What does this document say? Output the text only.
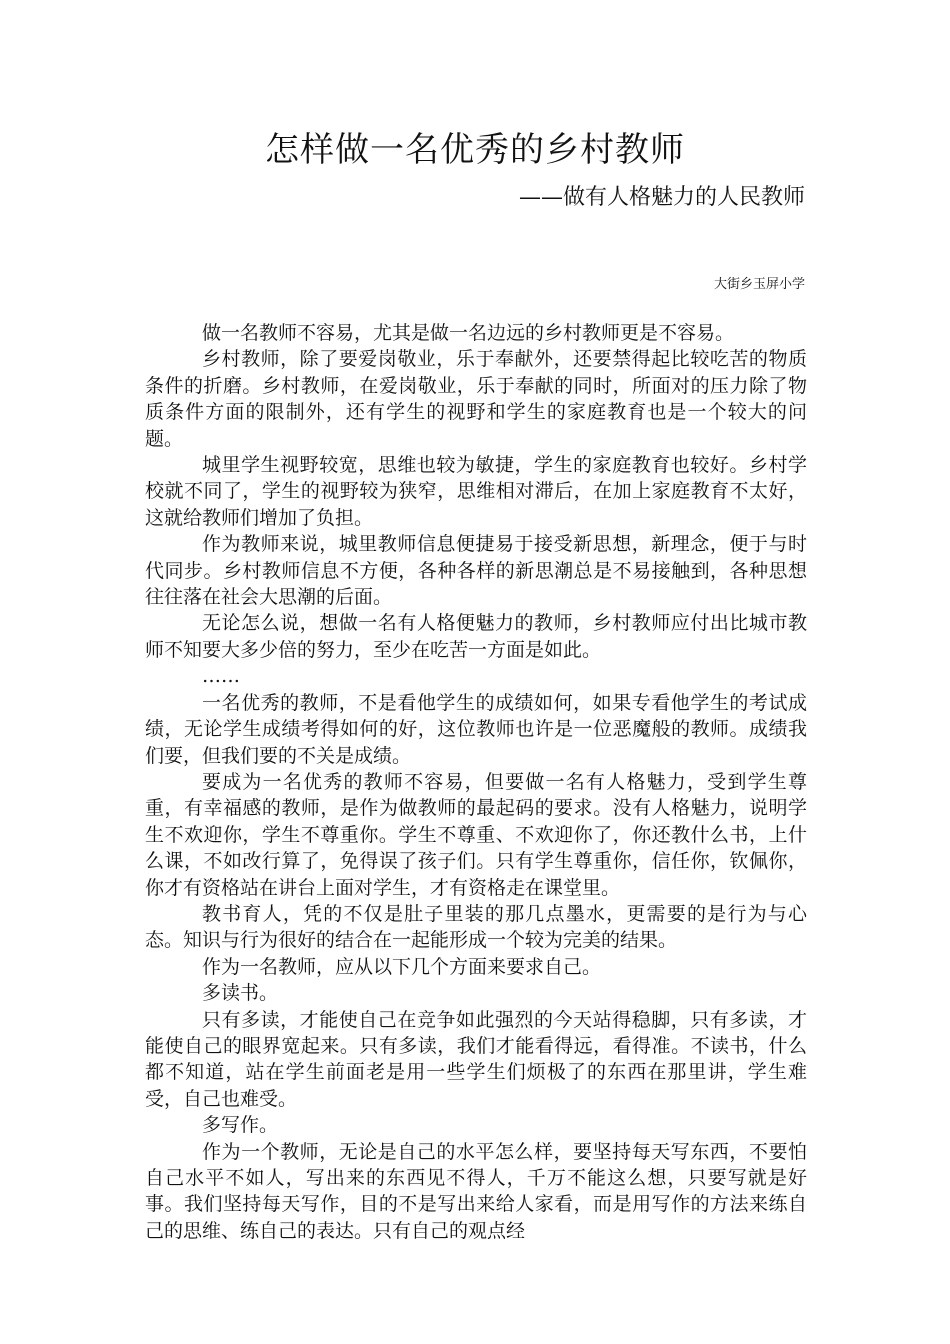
怎样做一名优秀的乡村教师
——做有人格魅力的人民教师
大街乡玉屏小学

做一名教师不容易，尤其是做一名边远的乡村教师更是不容易。

乡村教师，除了要爱岗敬业，乐于奉献外，还要禁得起比较吃苦的物质条件的折磨。乡村教师，在爱岗敬业，乐于奉献的同时，所面对的压力除了物质条件方面的限制外，还有学生的视野和学生的家庭教育也是一个较大的问题。

城里学生视野较宽，思维也较为敏捷，学生的家庭教育也较好。乡村学校就不同了，学生的视野较为狭窄，思维相对滞后，在加上家庭教育不太好，这就给教师们增加了负担。

作为教师来说，城里教师信息便捷易于接受新思想，新理念，便于与时代同步。乡村教师信息不方便，各种各样的新思潮总是不易接触到，各种思想往往落在社会大思潮的后面。

无论怎么说，想做一名有人格便魅力的教师，乡村教师应付出比城市教师不知要大多少倍的努力，至少在吃苦一方面是如此。

……

一名优秀的教师，不是看他学生的成绩如何，如果专看他学生的考试成绩，无论学生成绩考得如何的好，这位教师也许是一位恶魔般的教师。成绩我们要，但我们要的不关是成绩。

要成为一名优秀的教师不容易，但要做一名有人格魅力，受到学生尊重，有幸福感的教师，是作为做教师的最起码的要求。没有人格魅力，说明学生不欢迎你，学生不尊重你。学生不尊重、不欢迎你了，你还教什么书，上什么课，不如改行算了，免得误了孩子们。只有学生尊重你，信任你，钦佩你，你才有资格站在讲台上面对学生，才有资格走在课堂里。

教书育人，凭的不仅是肚子里装的那几点墨水，更需要的是行为与心态。知识与行为很好的结合在一起能形成一个较为完美的结果。

作为一名教师，应从以下几个方面来要求自己。

多读书。

只有多读，才能使自己在竞争如此强烈的今天站得稳脚，只有多读，才能使自己的眼界宽起来。只有多读，我们才能看得远，看得准。不读书，什么都不知道，站在学生前面老是用一些学生们烦极了的东西在那里讲，学生难受，自己也难受。

多写作。

作为一个教师，无论是自己的水平怎么样，要坚持每天写东西，不要怕自己水平不如人，写出来的东西见不得人，千万不能这么想，只要写就是好事。我们坚持每天写作，目的不是写出来给人家看，而是用写作的方法来练自己的思维、练自己的表达。只有自己的观点经
